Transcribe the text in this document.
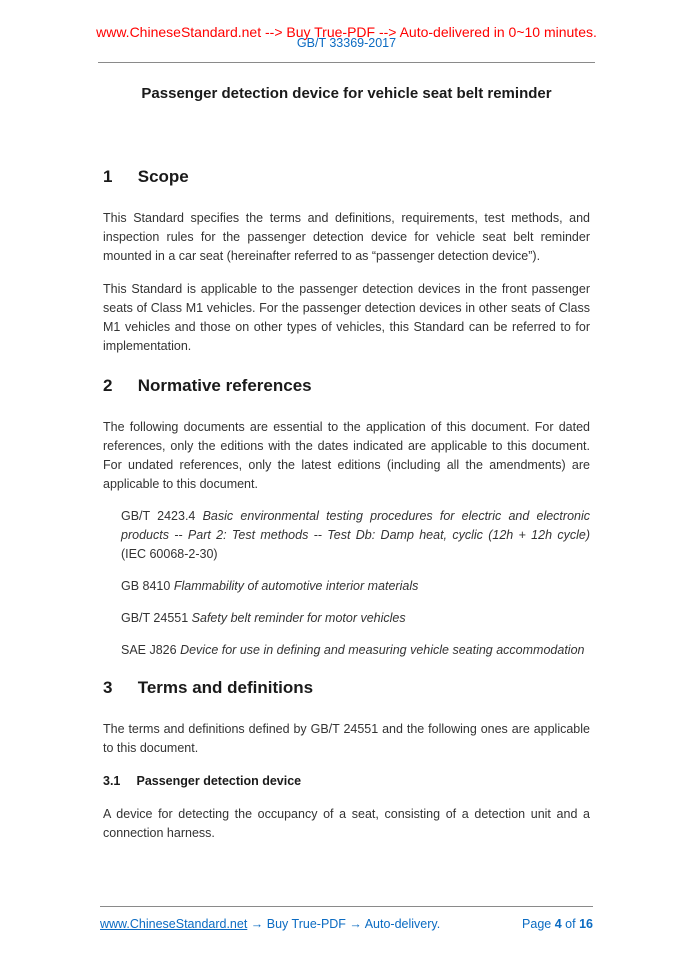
GB/T 33369-2017
www.ChineseStandard.net --> Buy True-PDF --> Auto-delivered in 0~10 minutes.
Passenger detection device for vehicle seat belt reminder
1 Scope

This Standard specifies the terms and definitions, requirements, test methods, and inspection rules for the passenger detection device for vehicle seat belt reminder mounted in a car seat (hereinafter referred to as “passenger detection device”).

This Standard is applicable to the passenger detection devices in the front passenger seats of Class M1 vehicles. For the passenger detection devices in other seats of Class M1 vehicles and those on other types of vehicles, this Standard can be referred to for implementation.

2 Normative references

The following documents are essential to the application of this document. For dated references, only the editions with the dates indicated are applicable to this document. For undated references, only the latest editions (including all the amendments) are applicable to this document.

GB/T 2423.4 Basic environmental testing procedures for electric and electronic products -- Part 2: Test methods -- Test Db: Damp heat, cyclic (12h + 12h cycle) (IEC 60068-2-30)

GB 8410 Flammability of automotive interior materials

GB/T 24551 Safety belt reminder for motor vehicles

SAE J826 Device for use in defining and measuring vehicle seating accommodation

3 Terms and definitions

The terms and definitions defined by GB/T 24551 and the following ones are applicable to this document.

3.1 Passenger detection device

A device for detecting the occupancy of a seat, consisting of a detection unit and a connection harness.

www.ChineseStandard.net → Buy True-PDF → Auto-delivery.	Page 4 of 16
